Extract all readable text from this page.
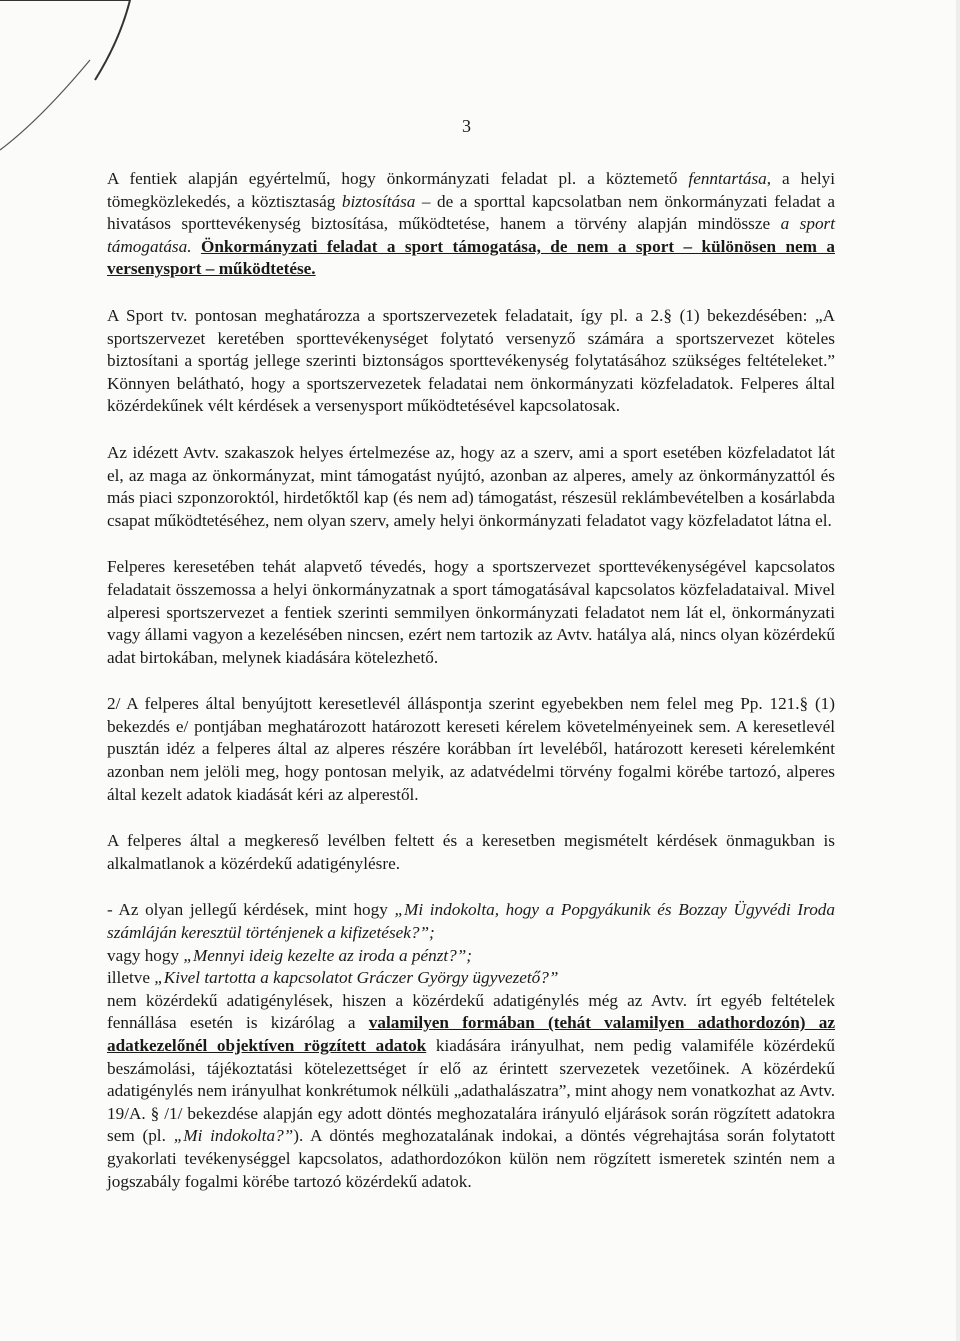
3

A fentiek alapján egyértelmű, hogy önkormányzati feladat pl. a köztemető fenntartása, a helyi tömegközlekedés, a köztisztaság biztosítása – de a sporttal kapcsolatban nem önkormányzati feladat a hivatásos sporttevékenység biztosítása, működtetése, hanem a törvény alapján mindössze a sport támogatása. Önkormányzati feladat a sport támogatása, de nem a sport – különösen nem a versenysport – működtetése.

A Sport tv. pontosan meghatározza a sportszervezetek feladatait, így pl. a 2.§ (1) bekezdésében: „A sportszervezet keretében sporttevékenységet folytató versenyző számára a sportszervezet köteles biztosítani a sportág jellege szerinti biztonságos sporttevékenység folytatásához szükséges feltételeket.” Könnyen belátható, hogy a sportszervezetek feladatai nem önkormányzati közfeladatok. Felperes által közérdekűnek vélt kérdések a versenysport működtetésével kapcsolatosak.

Az idézett Avtv. szakaszok helyes értelmezése az, hogy az a szerv, ami a sport esetében közfeladatot lát el, az maga az önkormányzat, mint támogatást nyújtó, azonban az alperes, amely az önkormányzattól és más piaci szponzoroktól, hirdetőktől kap (és nem ad) támogatást, részesül reklámbevételben a kosárlabda csapat működtetéséhez, nem olyan szerv, amely helyi önkormányzati feladatot vagy közfeladatot látna el.

Felperes keresetében tehát alapvető tévedés, hogy a sportszervezet sporttevékenységével kapcsolatos feladatait összemossa a helyi önkormányzatnak a sport támogatásával kapcsolatos közfeladataival. Mivel alperesi sportszervezet a fentiek szerinti semmilyen önkormányzati feladatot nem lát el, önkormányzati vagy állami vagyon a kezelésében nincsen, ezért nem tartozik az Avtv. hatálya alá, nincs olyan közérdekű adat birtokában, melynek kiadására kötelezhető.

2/ A felperes által benyújtott keresetlevél álláspontja szerint egyebekben nem felel meg Pp. 121.§ (1) bekezdés e/ pontjában meghatározott határozott kereseti kérelem követelményeinek sem. A keresetlevél pusztán idéz a felperes által az alperes részére korábban írt leveléből, határozott kereseti kérelemként azonban nem jelöli meg, hogy pontosan melyik, az adatvédelmi törvény fogalmi körébe tartozó, alperes által kezelt adatok kiadását kéri az alperestől.

A felperes által a megkereső levélben feltett és a keresetben megismételt kérdések önmagukban is alkalmatlanok a közérdekű adatigénylésre.

- Az olyan jellegű kérdések, mint hogy „Mi indokolta, hogy a Popgyákunik és Bozzay Ügyvédi Iroda számláján keresztül történjenek a kifizetések?”;
vagy hogy „Mennyi ideig kezelte az iroda a pénzt?”;
illetve „Kivel tartotta a kapcsolatot Gráczer György ügyvezető?”
nem közérdekű adatigénylések, hiszen a közérdekű adatigénylés még az Avtv. írt egyéb feltételek fennállása esetén is kizárólag a valamilyen formában (tehát valamilyen adathordozón) az adatkezelőnél objektíven rögzített adatok kiadására irányulhat, nem pedig valamiféle közérdekű beszámolási, tájékoztatási kötelezettséget ír elő az érintett szervezetek vezetőinek. A közérdekű adatigénylés nem irányulhat konkrétumok nélküli „adathalászatra”, mint ahogy nem vonatkozhat az Avtv. 19/A. § /1/ bekezdése alapján egy adott döntés meghozatalára irányuló eljárások során rögzített adatokra sem (pl. „Mi indokolta?”). A döntés meghozatalának indokai, a döntés végrehajtása során folytatott gyakorlati tevékenységgel kapcsolatos, adathordozókon külön nem rögzített ismeretek szintén nem a jogszabály fogalmi körébe tartozó közérdekű adatok.
